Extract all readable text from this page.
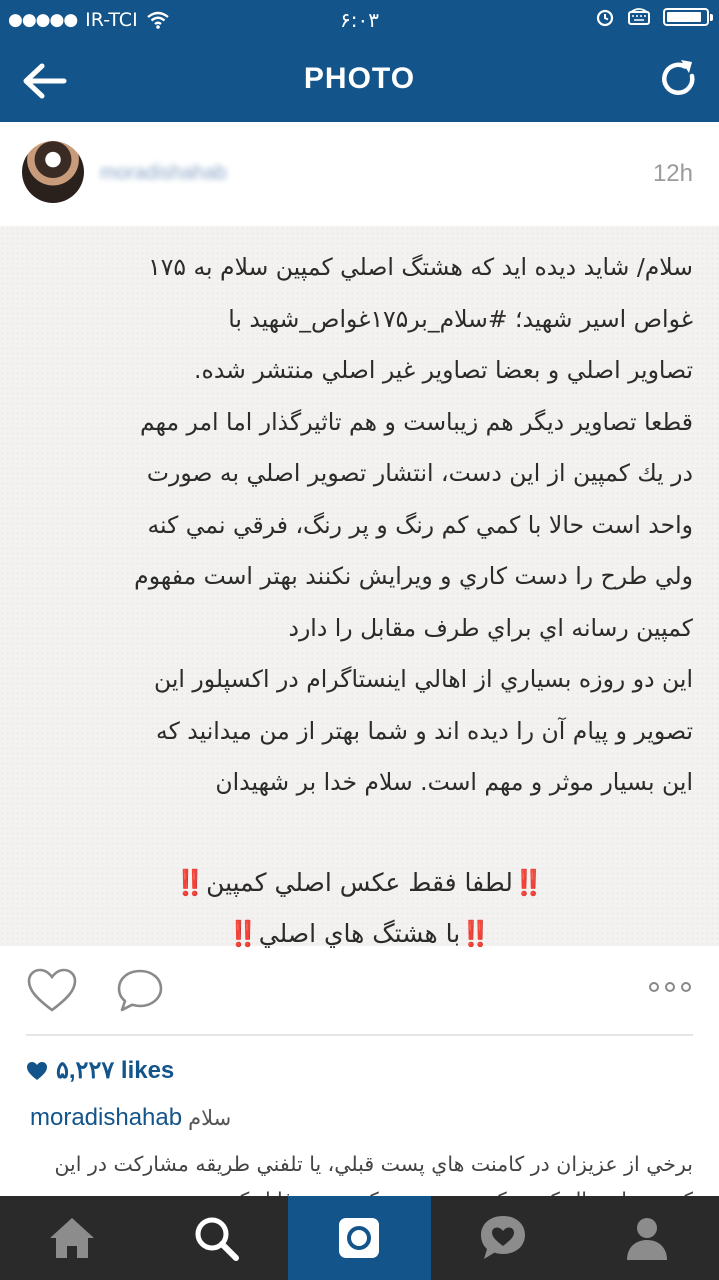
●●●●● IR-TCI	۶:۰۳
PHOTO
moradishahab	12h

سلام/ شاید دیده اید که هشتگ اصلي کمپین سلام به ۱۷۵

غواص اسیر شهید؛ #سلام_بر۱۷۵غواص_شهید با

تصاویر اصلي و بعضا تصاویر غیر اصلي منتشر شده.

قطعا تصاویر دیگر هم زیباست و هم تاثیرگذار اما امر مهم

در یك کمپین از این دست، انتشار تصویر اصلي به صورت

واحد است حالا با کمي کم رنگ و پر رنگ، فرقي نمي کنه

ولي طرح را دست کاري و ویرایش نکنند بهتر است مفهوم

کمپین رسانه اي براي طرف مقابل را دارد

این دو روزه بسیاري از اهالي اینستاگرام در اکسپلور این

تصویر و پیام آن را دیده اند و شما بهتر از من میدانید که

این بسیار موثر و مهم است. سلام خدا بر شهیدان

‼️لطفا فقط عکس اصلي کمپین‼️

‼️با هشتگ هاي اصلي‼️

۵,۲۲۷ likes
moradishahab سلام
برخي از عزیزان در کامنت هاي پست قبلي، یا تلفني طریقه مشارکت در این
